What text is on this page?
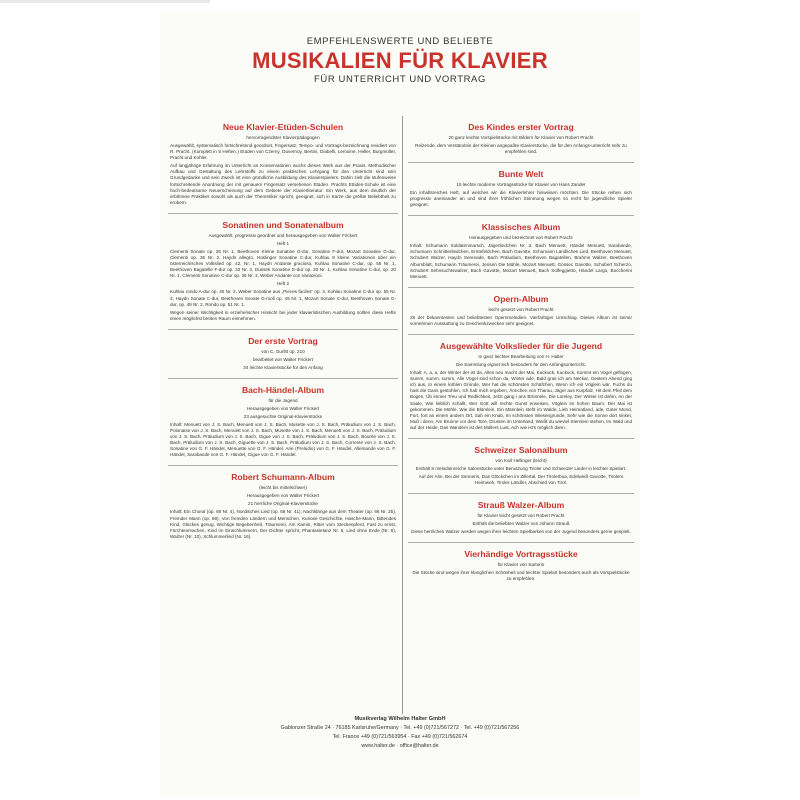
EMPFEHLENSWERTE UND BELIEBTE
MUSIKALIEN FÜR KLAVIER
FÜR UNTERRICHT UND VORTRAG
Neue Klavier-Etüden-Schulen
hervorragendster Klavierpädagogen
Ausgewählt, systematisch fortschreitend geordnet, Fingersatz, Tempo- und Vortrags-bezeichnung revidiert von R. Pracht. (Komplett in 5 Heften.) Etüden von Czerny, Duvernoy, Bertini, Diabelli, Lemoine, Heller, Burgmüller, Pracht und Kohler.
Auf langjährige Erfahrung im Unterricht an Konservatorien wuchs dieses Werk aus der Praxis. Methodischer Aufbau und Gestaltung des Lehrstoffs zu einem praktischen Lehrgang für den Unterricht sind sein Grundgedanke und sein Zweck ist eine gründliche Ausbildung des Klavierspielers. Dahin zielt die stufenweise fortschreitende Anordnung der mit genauem Fingersatz versehenen Etüden. Prachts Etüden-Schule ist eine hoch-bedeutsame Neuerscheinung auf dem Gebiete der Klavierliteratur. Ein Werk, aus dem deutlich der erfahrene Praktiker sowohl als auch der Theoretiker spricht, geeignet, sich in Kürze die größte Beliebtheit zu erobern.
Sonatinen und Sonatenalbum
Ausgewählt, progressiv geordnet und herausgegeben von Walter Frickert
Heft 1
Clementi Sonate op. 36 Nr. 1, Beethoven Kleine Sonatine G-dur, Sonatine F-dur, Mozart Sonatine G-dur, Clementi op. 36 Nr. 2, Haydn allegro, Haslinger Sonatine C-dur, Kuhlau 8 kleine Variationen über ein österreichisches Volkslied op. 42, Nr. 1, Haydn Andante gracioso, Kuhlau Sonatine C-dur, op. 55 Nr. 1, Beethoven Bagatelle F-dur op. 33 Nr. 3, Dussek Sonatine G-dur op. 20 Nr. 1, Kuhlau Sonatine C-dur, op. 20 Nr. 1, Clementi Sonatine C-dur op. 36 Nr. 3, Weber Andante con Variazioni.
Heft 2
Kuhlau rondo A-dur op. 40 Nr. 2, Weber Sonatine aus „Pieces faciles“ op. 3, Kuhlau Sonatine C-dur op. 55 Nr. 3, Haydn Sonate C-dur, Beethoven Sonate G-moll op. 49 Nr. 1, Mozart Sonate C-dur, Beethoven Sonate G-dur, op. 49 Nr. 2, Rondo op. 51 Nr. 1.
Wegen seiner Wichtigkeit in erzieherischer Hinsicht bei jeder klavieristischen Ausbildung sollten diese Hefte einen möglichst breiten Raum einnehmen.
Der erste Vortrag
von C. Gurlitt op. 210
bearbeitet von Walter Frickert
34 leichte Klavierstücke für den Anfang
Bach-Händel-Album
für die Jugend
Herausgegeben von Walter Frickert
23 ausgesuchte Original-Klavierstücke
Inhalt: Menuett von J. S. Bach, Menuett von J. S. Bach, Musette von J. S. Bach, Präludium von J. S. Bach, Polonaise von J. S. Bach, Menuett von J. S. Bach, Musette von J. S. Bach, Menuett von J. S. Bach, Präludium von J. S. Bach, Präludium von J. S. Bach, Gigue von J. S. Bach, Präludium von J. S. Bach, Bourée von J. S. Bach, Präludium von J. S. Bach, Giguette von J. S. Bach, Präludium von J. S. Bach, Corrente von J. S. Bach, Sonatine von G. F. Händel, Menuette von G. F. Händel, Arie (Preludio) von G. F. Händel, Allemande von G. F. Händel, Sarabande von G. F. Händel, Gigue von G. F. Händel.
Robert Schumann-Album
(leicht bis mittelschwer)
Herausgegeben von Walter Frickert
21 herrliche Original-Klavierstücke
Inhalt: Ein Choral (op. 68 Nr. 4), Nordisches Lied (op. 68 Nr. 41), Nachklänge aus dem Theater (op. 68 Nr. 25), Fremder Mann (op. 68), Von fremden Ländern und Menschen, Kuriose Geschichte, Hasche-Mann, Bittendes Kind, Glückes genug, Wichtige Begebenheit, Träumerei, Am Kamin, Ritter vom Steckenpferd, Fast zu ernst, Fürchtenmachen, Kind im Einschlummern, Der Dichter spricht, Phantasietanz Nr. 5, Lied ohne Ende (Nr. 8), Walzer (Nr. 10), Schlummerlied (Nr. 16).
Des Kindes erster Vortrag
20 ganz leichte Vorspielstücke mit Bildern für Klavier von Robert Pracht
Reizende, dem Verständnis der Kleinen angepaßte Klavierstücke, die für den Anfangs-unterricht sehr zu empfehlen sind.
Bunte Welt
15 leichte moderne Vortragsstücke für Klavier von Hans Zander
Ein inhaltsreiches Heft, auf welches wir die Klavierlehrer hinweisen möchten. Die Stücke reihen sich progressiv aneinander an und sind ihrer fröhlichen Stimmung wegen so recht für jugendliche Spieler geeignet.
Klassisches Album
Herausgegeben und bezeichnet von Robert Pracht
Inhalt: Schumann Soldatenmarsch, Jägerliedchen Nr. 3, Bach Menuett, Händel Menuett, Sarabande, Schumann Schnitterliedchen, Erntefeldchen, Bach Gavotte, Schumann Ländliches Lied, Beethoven Menuett, Schubert Walzer, Haydn Serenade, Bach Präludium, Beethoven Bagatellen, Brahms Walzer, Beethoven Albumblatt, Schumann Träumerei, Jensen Die Mühle, Mozart Menuett, Gossec Gavotte, Schubert Scherzo, Schubert Sehnsuchtswalzer, Bach Gavotte, Mozart Menuett, Bach Solfeggietto, Händel Largo, Boccherini Menuett.
Opern-Album
leicht gesetzt von Robert Pracht
28 der bekanntesten und beliebtesten Opernmelodien. Vierfarbiger Umschlag. Dieses Album ist seiner vornehmen Ausstattung zu Geschenkzwecken sehr geeignet.
Ausgewählte Volkslieder für die Jugend
In ganz leichter Bearbeitung von H. Halter
Die Sammlung eignet sich besonders für den Anfangsunterricht.
Inhalt: A, a, a, der Winter der ist da, Alles neu macht der Mai, Kuckuck, Kuckuck, Kommt ein Vogel geflogen, Summ, summ, summ, Alle Vögel sind schon da, Winter ade, Bald gras ich am Neckar, Gestern Abend ging ich aus, In einem kühlen Grunde, Wer hat die schönsten Schäfchen, Wenn ich ein Vöglein wär, Fuchs du hast die Gans gestohlen, Ich hab mich ergeben, Ännchen von Tharau, Jäger aus Kurpfalz, Hit dem Pfeil dem Bogen, Üb immer Treu und Redlichkeit, Jetzt gang i ans Brünnele, Die Loreley, Der Winter ist dahin, An der Saale, Wie lieblich schallt, Wer Gott will rechte Gunst erweisen, Vöglein im hohen Baum, Der Mai ist gekommen, Die Mühle, Wie die Blümlein, Ein Männlein steht im Walde, Lieb Heimatland, ade, Guter Mond, Fort, fort an einem andern Ort, Sah ein Knab, Im schönsten Wiesengrunde, Sehr wie die Sonne dort sinket, Muß i denn, Am Brunne vor dem Tore, Drunten im Unterland, Weißt du wieviel Sternlein stehen, Im Wald und auf der Heide, Das Wandern ist des Müllers Lust, Ach wie ist's möglich dann.
Schweizer Salonalbum
von Karl Hellinger (leicht)
Enthält 8 melodienreiche Salonstücke unter Benutzung Tiroler und Schweizer Lieder in leichter Spielart.
Auf der Alm, Bei der Sennerin, Das Glöckchen im Zillertal, Der Tirolerbua, Edelweiß Gavotte, Tirolers Heimweh, Tiroler Ländler, Abschied von Tirol.
Strauß Walzer-Album
für Klavier leicht gesetzt von Robert Pracht
Enthält die beliebten Walzer von Johann Strauß
Diese herrlichen Walzer werden wegen ihrer leichten Spielbarkeit von der Jugend besonders gerne gespielt.
Vierhändige Vortragsstücke
für Klavier von Sartorio
Die Stücke sind wegen ihrer klanglichen Schönheit und leichter Spielart besonders auch als Vorspielstücke zu empfehlen.
Musikverlag Wilhelm Halter GmbH
Gablonzer Straße 24 · 76185 Karlsruhe/Germany · Tel. +49 (0)721/567272 · Tel. +49 (0)721/567256
Tel. France +49 (0)721/563954 · Fax +49 (0)721/562674
www.halter.de · office@halter.de
